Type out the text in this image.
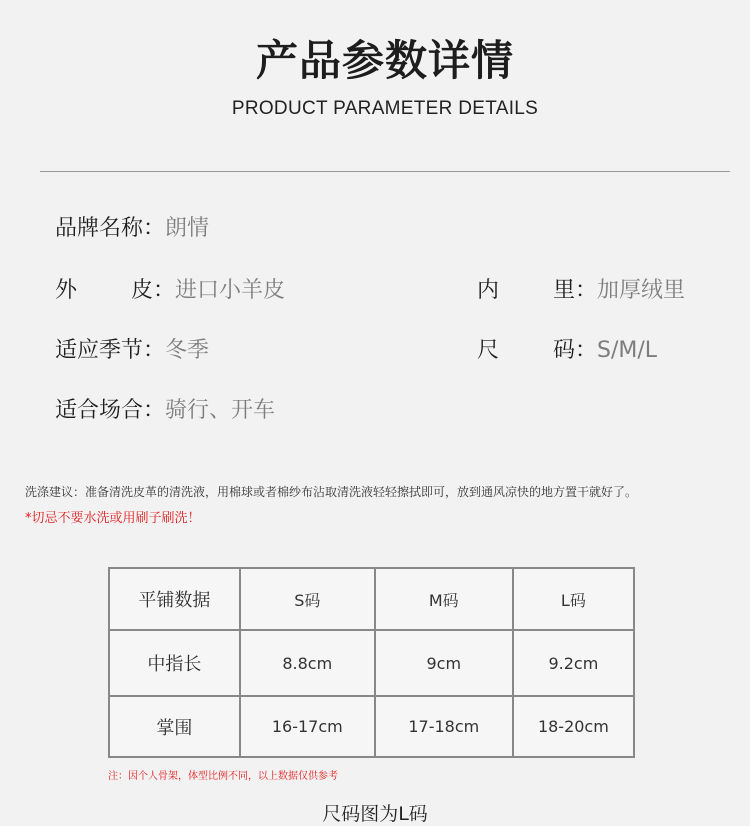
产品参数详情
PRODUCT PARAMETER DETAILS
品牌名称：朗情
外皮：进口小羊皮	内里：加厚绒里
适应季节：冬季	尺码：S/M/L
适合场合：骑行、开车
洗涤建议：准备清洗皮革的清洗液，用棉球或者棉纱布沾取清洗液轻轻擦拭即可，放到通风凉快的地方置干就好了。
*切忌不要水洗或用刷子刷洗！
平铺数据	S码	M码	L码
中指长	8.8cm	9cm	9.2cm
掌围	16-17cm	17-18cm	18-20cm
注：因个人骨架，体型比例不同，以上数据仅供参考
尺码图为L码
